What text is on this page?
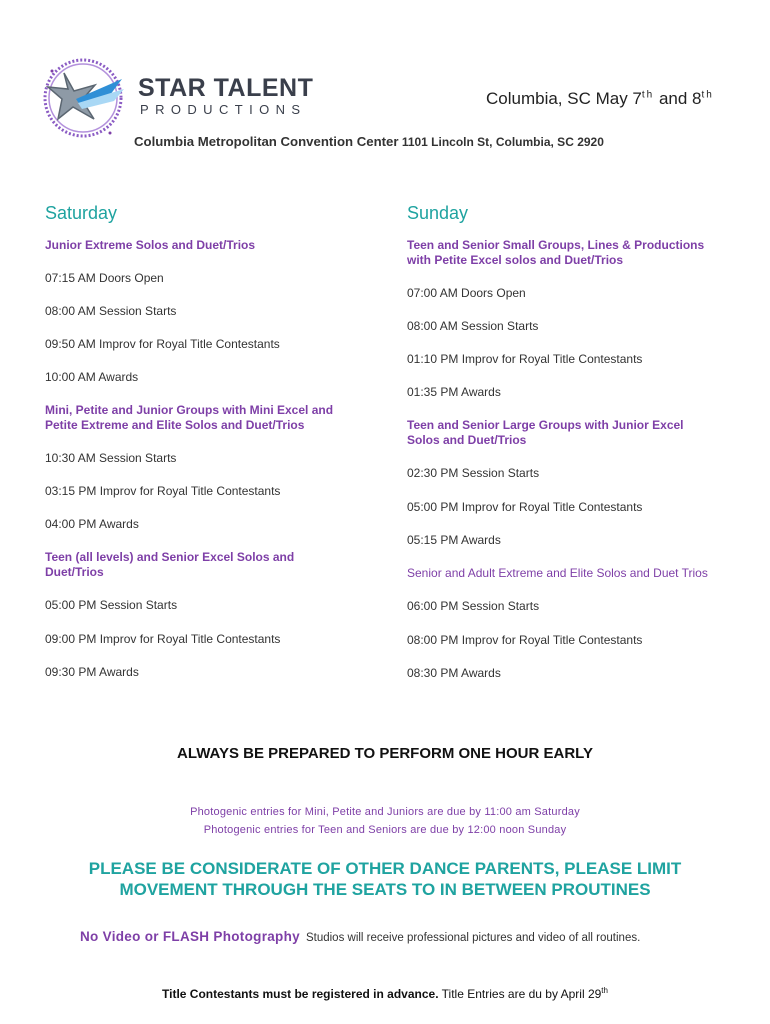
STAR TALENT
PRODUCTIONS
Columbia, SC May 7th and 8th
Columbia Metropolitan Convention Center 1101 Lincoln St, Columbia, SC 2920
Saturday
Junior Extreme Solos and Duet/Trios
07:15 AM Doors Open
08:00 AM Session Starts
09:50 AM Improv for Royal Title Contestants
10:00 AM Awards
Mini, Petite and Junior Groups with Mini Excel and
Petite Extreme and Elite Solos and Duet/Trios
10:30 AM Session Starts
03:15 PM Improv for Royal Title Contestants
04:00 PM Awards
Teen (all levels) and Senior Excel Solos and
Duet/Trios
05:00 PM Session Starts
09:00 PM Improv for Royal Title Contestants
09:30 PM Awards
Sunday
Teen and Senior Small Groups, Lines & Productions
with Petite Excel solos and Duet/Trios
07:00 AM Doors Open
08:00 AM Session Starts
01:10 PM Improv for Royal Title Contestants
01:35 PM Awards
Teen and Senior Large Groups with Junior Excel
Solos and Duet/Trios
02:30 PM Session Starts
05:00 PM Improv for Royal Title Contestants
05:15 PM Awards
Senior and Adult Extreme and Elite Solos and Duet Trios
06:00 PM Session Starts
08:00 PM Improv for Royal Title Contestants
08:30 PM Awards
ALWAYS BE PREPARED TO PERFORM ONE HOUR EARLY
Photogenic entries for Mini, Petite and Juniors are due by 11:00 am Saturday
Photogenic entries for Teen and Seniors are due by 12:00 noon Sunday
PLEASE BE CONSIDERATE OF OTHER DANCE PARENTS, PLEASE LIMIT
MOVEMENT THROUGH THE SEATS TO IN BETWEEN PROUTINES
No Video or FLASH Photography Studios will receive professional pictures and video of all routines.
Title Contestants must be registered in advance. Title Entries are du by April 29th
